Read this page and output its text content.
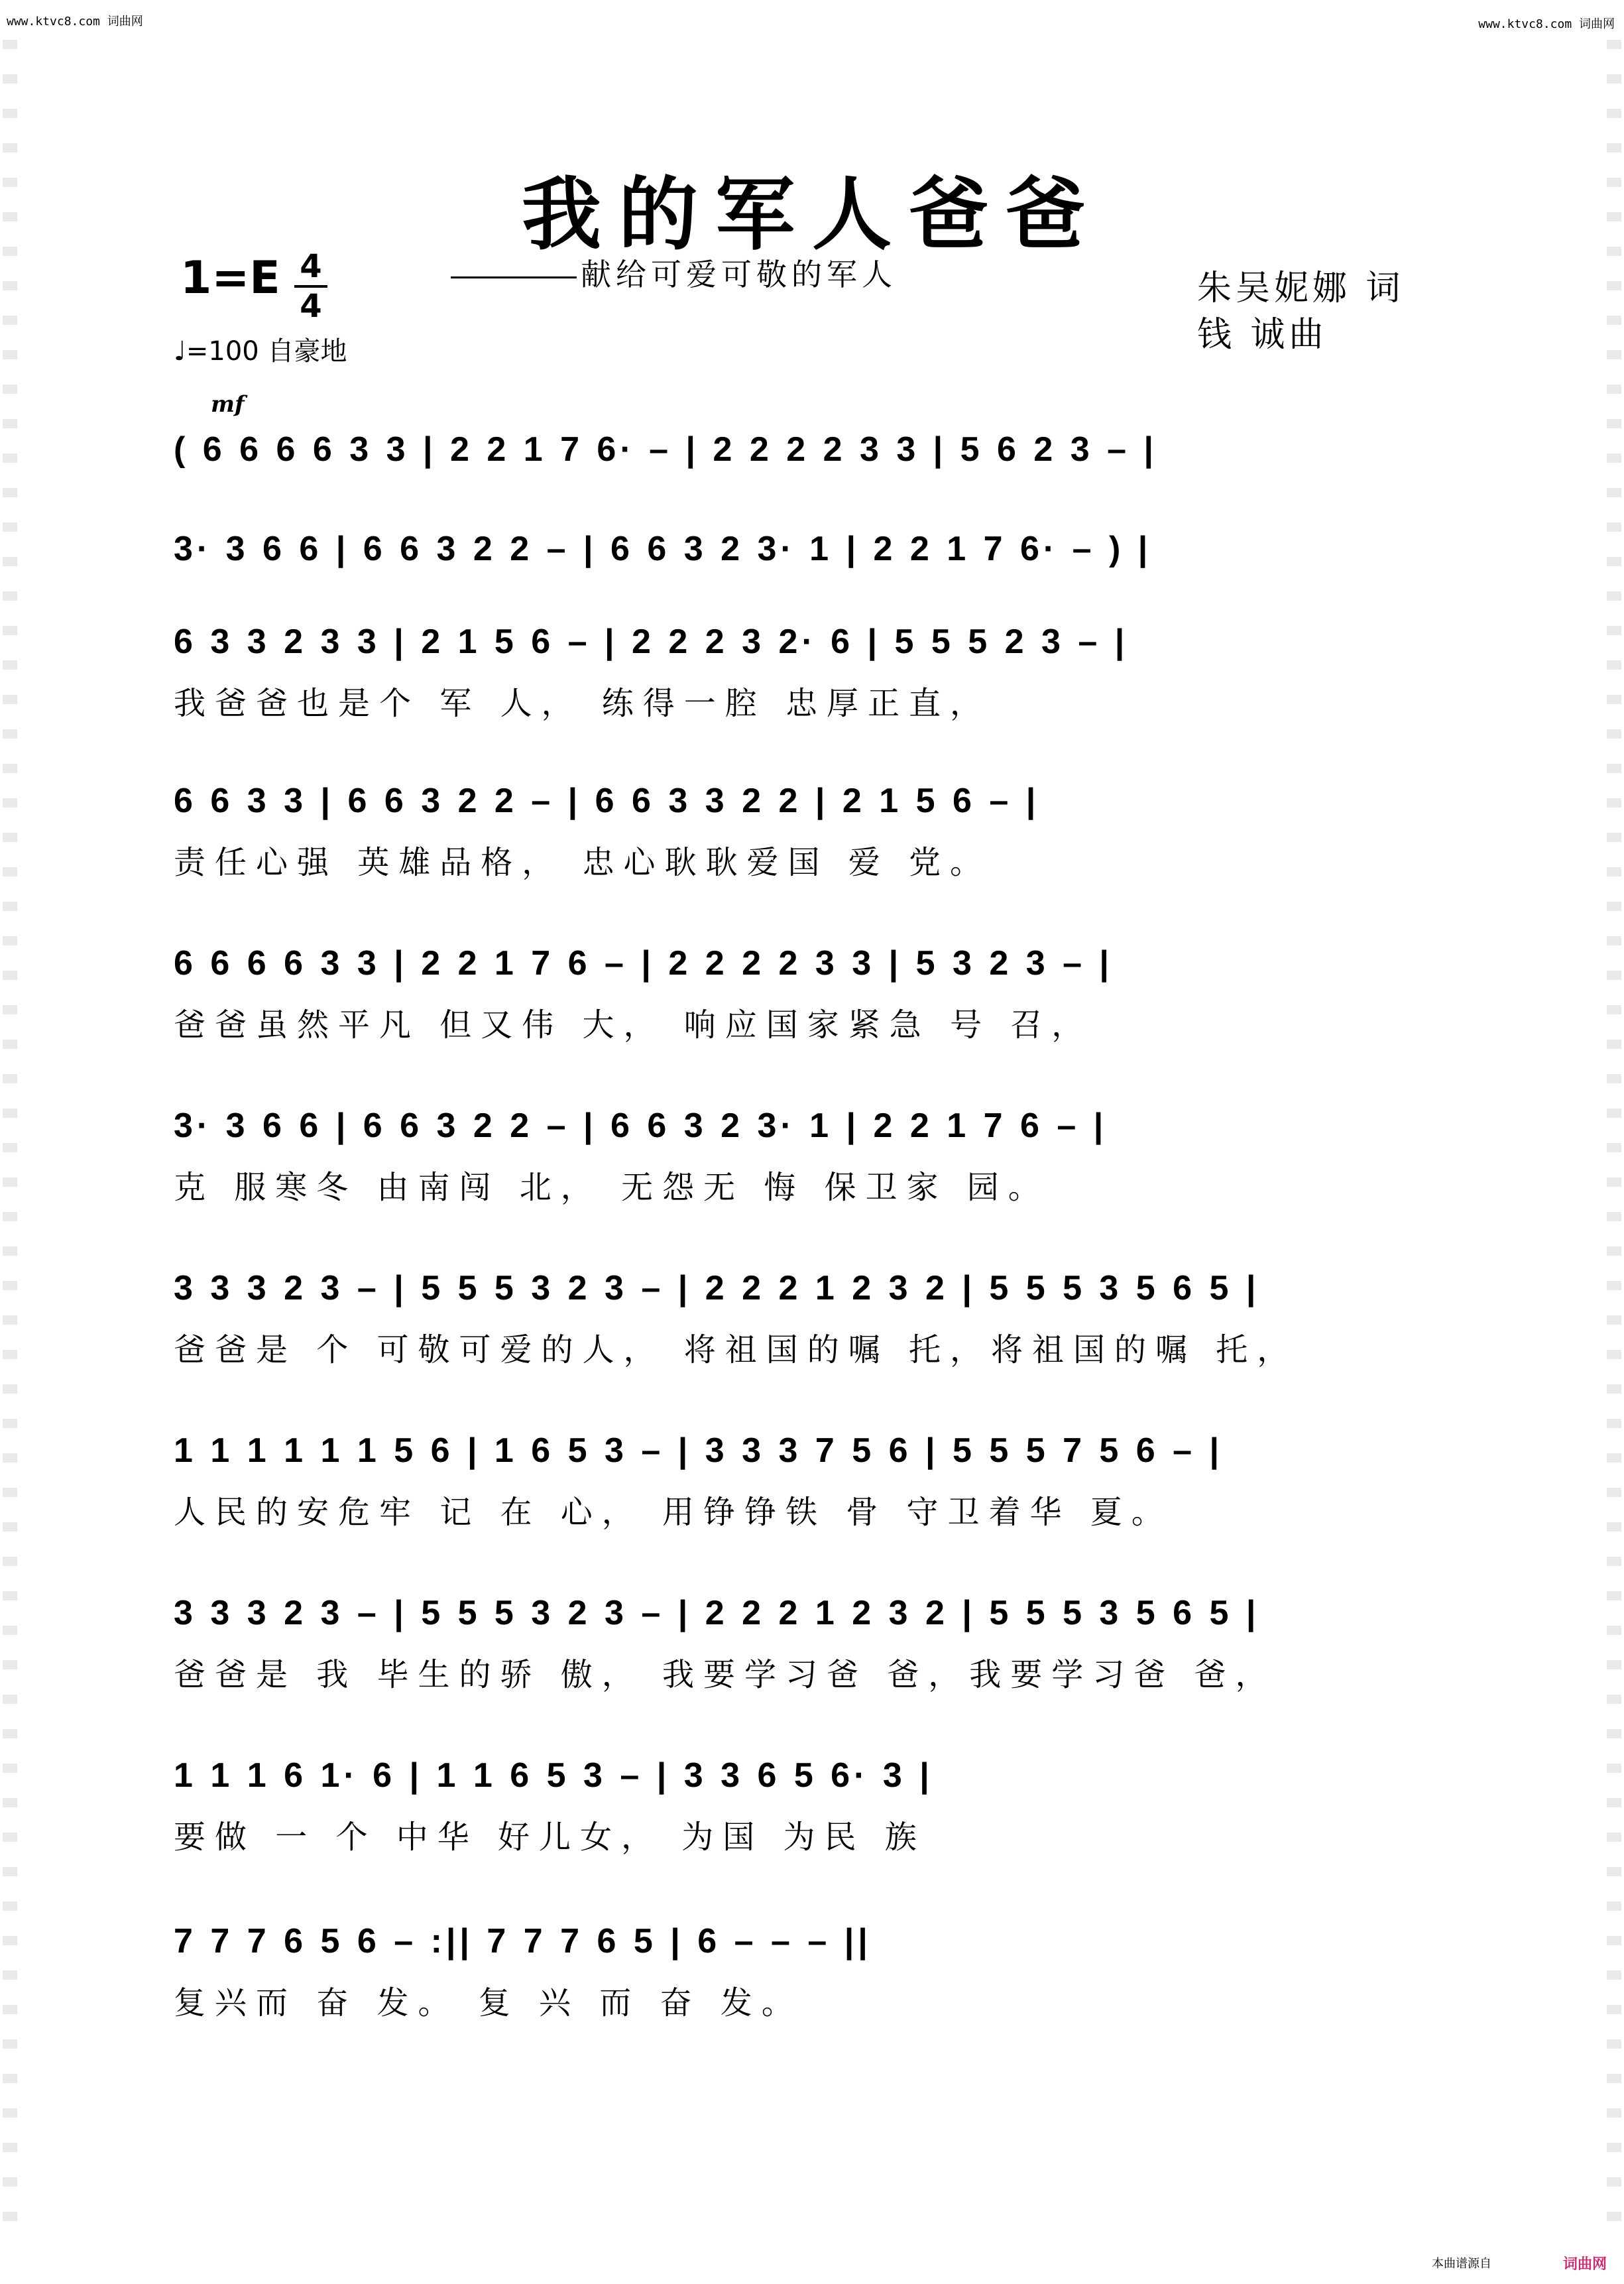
www.ktvc8.com 词曲网	www.ktvc8.com 词曲网
我的军人爸爸
献给可爱可敬的军人
1=E 4
4
♩=100 自豪地
朱吴妮娜 词
钱 诚曲
mf
( 6 6 6 6 3 3 | 2 2 1 7 6· – | 2 2 2 2 3 3 | 5 6 2 3 – |
3· 3 6 6 | 6 6 3 2 2 – | 6 6 3 2 3· 1 | 2 2 1 7 6· – ) |
6 3 3 2 3 3 | 2 1 5 6 – | 2 2 2 3 2· 6 | 5 5 5 2 3 – |
我爸爸也是个 军 人， 练得一腔 忠厚正直，
6 6 3 3 | 6 6 3 2 2 – | 6 6 3 3 2 2 | 2 1 5 6 – |
责任心强 英雄品格， 忠心耿耿爱国 爱 党。
6 6 6 6 3 3 | 2 2 1 7 6 – | 2 2 2 2 3 3 | 5 3 2 3 – |
爸爸虽然平凡 但又伟 大， 响应国家紧急 号 召，
3· 3 6 6 | 6 6 3 2 2 – | 6 6 3 2 3· 1 | 2 2 1 7 6 – |
克 服寒冬 由南闯 北， 无怨无 悔 保卫家 园。
3 3 3 2 3 – | 5 5 5 3 2 3 – | 2 2 2 1 2 3 2 | 5 5 5 3 5 6 5 |
爸爸是 个 可敬可爱的人， 将祖国的嘱 托，将祖国的嘱 托，
1 1 1 1 1 1 5 6 | 1 6 5 3 – | 3 3 3 7 5 6 | 5 5 5 7 5 6 – |
人民的安危牢 记 在 心， 用铮铮铁 骨 守卫着华 夏。
3 3 3 2 3 – | 5 5 5 3 2 3 – | 2 2 2 1 2 3 2 | 5 5 5 3 5 6 5 |
爸爸是 我 毕生的骄 傲， 我要学习爸 爸，我要学习爸 爸，
1 1 1 6 1· 6 | 1 1 6 5 3 – | 3 3 6 5 6· 3 |
要做 一 个 中华 好儿女， 为国 为民 族
7 7 7 6 5 6 – :|| 7 7 7 6 5 | 6 – – – ||
复兴而 奋 发。 复 兴 而 奋 发。
本曲谱源自	词曲网
